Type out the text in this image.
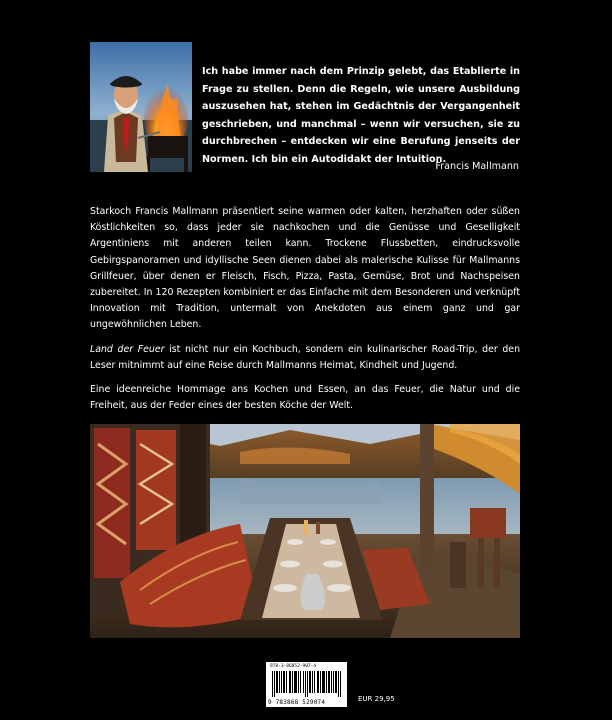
Ich habe immer nach dem Prinzip gelebt, das Etablierte in Frage zu stellen. Denn die Regeln, wie unsere Ausbildung auszusehen hat, stehen im Gedächtnis der Vergangenheit geschrieben, und manchmal – wenn wir versuchen, sie zu durchbrechen – entdecken wir eine Berufung jenseits der Normen. Ich bin ein Autodidakt der Intuition.

Francis Mallmann

Starkoch Francis Mallmann präsentiert seine warmen oder kalten, herzhaften oder süßen Köstlichkeiten so, dass jeder sie nachkochen und die Genüsse und Geselligkeit Argentiniens mit anderen teilen kann. Trockene Flussbetten, eindrucksvolle Gebirgspanoramen und idyllische Seen dienen dabei als malerische Kulisse für Mallmanns Grillfeuer, über denen er Fleisch, Fisch, Pizza, Pasta, Gemüse, Brot und Nachspeisen zubereitet. In 120 Rezepten kombiniert er das Einfache mit dem Besonderen und verknüpft Innovation mit Tradition, untermalt von Anekdoten aus einem ganz und gar ungewöhnlichen Leben.

Land der Feuer ist nicht nur ein Kochbuch, sondern ein kulinarischer Road-Trip, der den Leser mitnimmt auf eine Reise durch Mallmanns Heimat, Kindheit und Jugend.

Eine ideenreiche Hommage ans Kochen und Essen, an das Feuer, die Natur und die Freiheit, aus der Feder eines der besten Köche der Welt.

978-3-86852-907-4
9 783868 529074	EUR 29,95
